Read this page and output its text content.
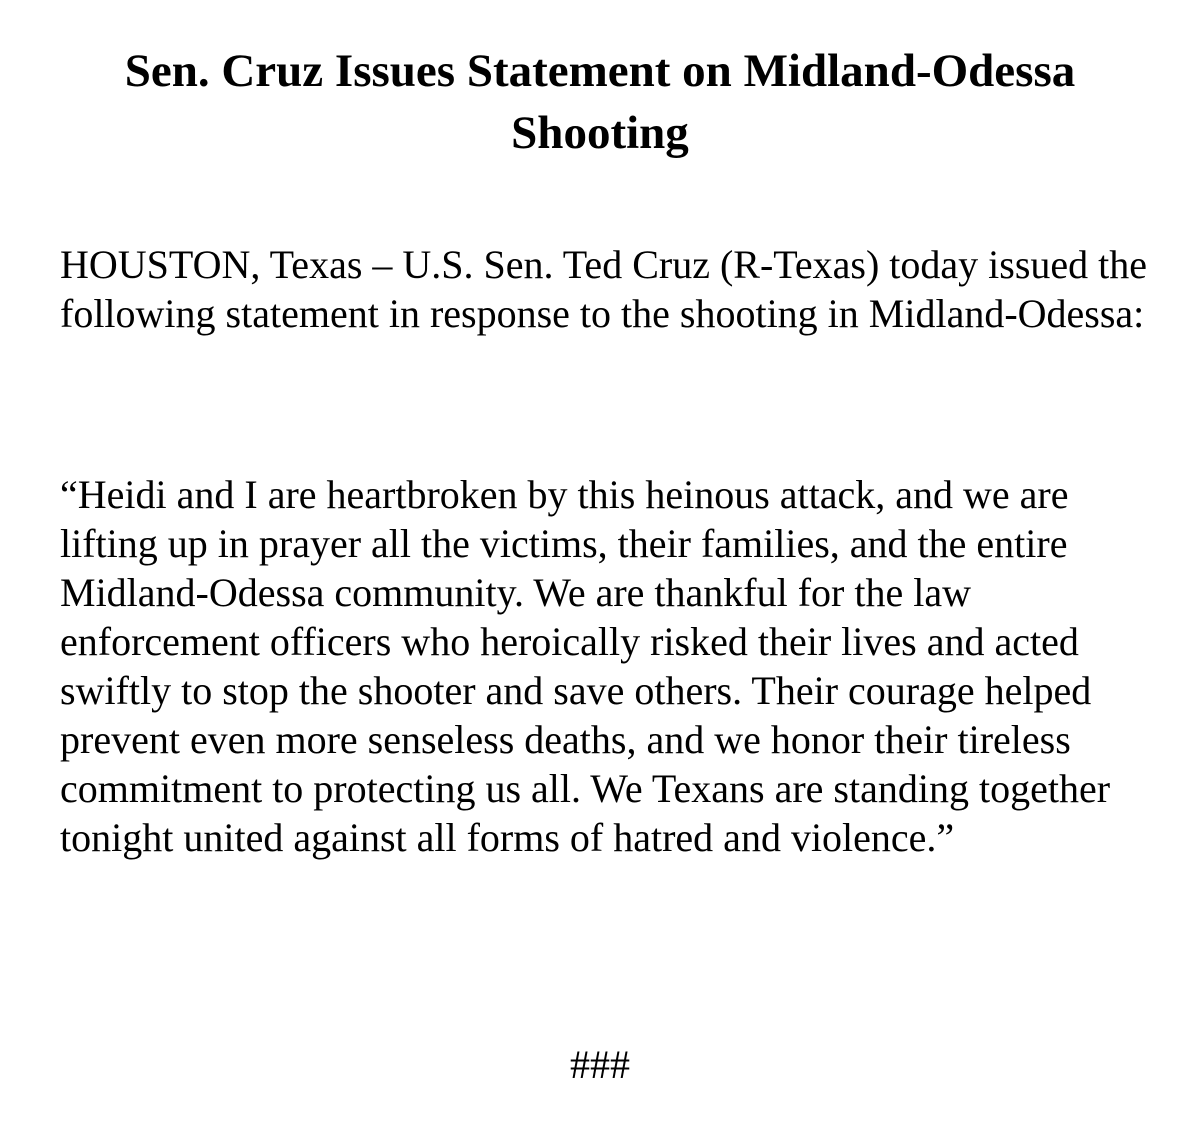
Sen. Cruz Issues Statement on Midland-Odessa Shooting

HOUSTON, Texas – U.S. Sen. Ted Cruz (R-Texas) today issued the following statement in response to the shooting in Midland-Odessa:

“Heidi and I are heartbroken by this heinous attack, and we are lifting up in prayer all the victims, their families, and the entire Midland-Odessa community. We are thankful for the law enforcement officers who heroically risked their lives and acted swiftly to stop the shooter and save others. Their courage helped prevent even more senseless deaths, and we honor their tireless commitment to protecting us all. We Texans are standing together tonight united against all forms of hatred and violence.”

###
